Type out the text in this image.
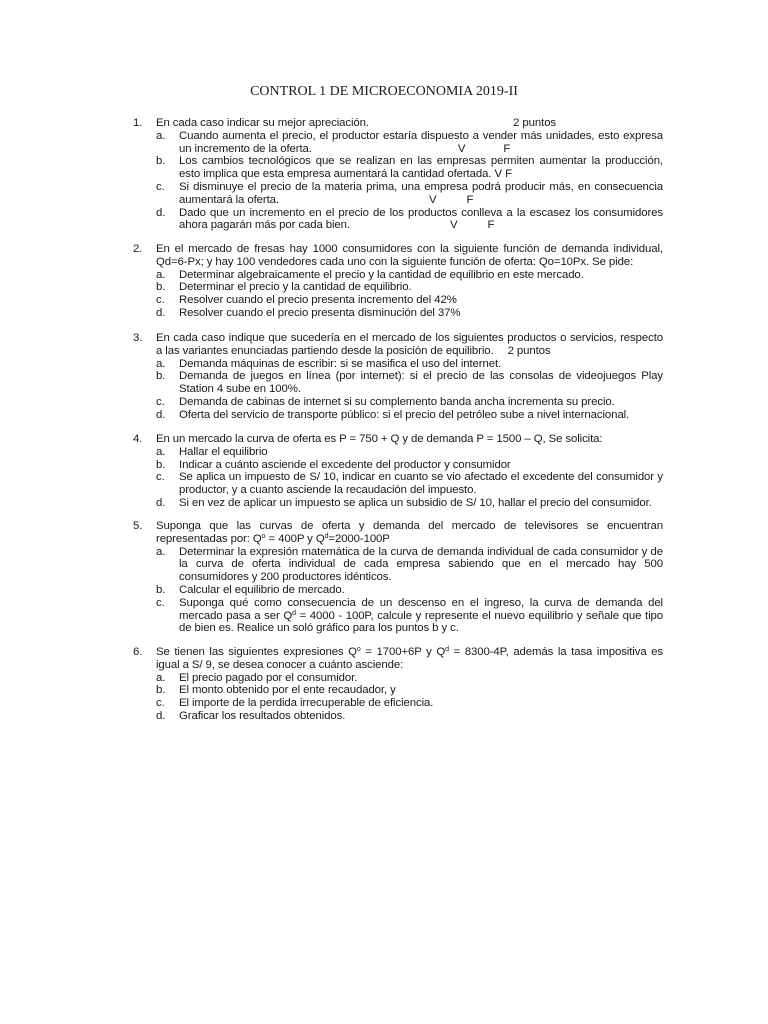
CONTROL 1 DE MICROECONOMIA 2019-II
1.	En cada caso indicar su mejor apreciación.	2 puntos
a.	Cuando aumenta el precio, el productor estaría dispuesto a vender más unidades, esto expresa un incremento de la oferta.	V	F
b.	Los cambios tecnológicos que se realizan en las empresas permiten aumentar la producción, esto implica que esta empresa aumentará la cantidad ofertada. V F
c.	Si disminuye el precio de la materia prima, una empresa podrá producir más, en consecuencia aumentará la oferta.	V	F
d.	Dado que un incremento en el precio de los productos conlleva a la escasez los consumidores ahora pagarán más por cada bien.	V	F
2.	En el mercado de fresas hay 1000 consumidores con la siguiente función de demanda individual, Qd=6-Px; y hay 100 vendedores cada uno con la siguiente función de oferta: Qo=10Px. Se pide:
a.	Determinar algebraicamente el precio y la cantidad de equilibrio en este mercado.
b.	Determinar el precio y la cantidad de equilibrio.
c.	Resolver cuando el precio presenta incremento del 42%
d.	Resolver cuando el precio presenta disminución del 37%
3.	En cada caso indique que sucedería en el mercado de los siguientes productos o servicios, respecto a las variantes enunciadas partiendo desde la posición de equilibrio. 2 puntos
a.	Demanda máquinas de escribir: si se masifica el uso del internet.
b.	Demanda de juegos en línea (por internet): si el precio de las consolas de videojuegos Play Station 4 sube en 100%.
c.	Demanda de cabinas de internet si su complemento banda ancha incrementa su precio.
d.	Oferta del servicio de transporte público: si el precio del petróleo sube a nivel internacional.
4.	En un mercado la curva de oferta es P = 750 + Q y de demanda P = 1500 – Q, Se solicita:
a.	Hallar el equilibrio
b.	Indicar a cuánto asciende el excedente del productor y consumidor
c.	Se aplica un impuesto de S/ 10, indicar en cuanto se vio afectado el excedente del consumidor y productor, y a cuanto asciende la recaudación del impuesto.
d.	Si en vez de aplicar un impuesto se aplica un subsidio de S/ 10, hallar el precio del consumidor.
5.	Suponga que las curvas de oferta y demanda del mercado de televisores se encuentran representadas por: $Q^o = 400P$ y $Q^d=2000-100P$
a.	Determinar la expresión matemática de la curva de demanda individual de cada consumidor y de la curva de oferta individual de cada empresa sabiendo que en el mercado hay 500 consumidores y 200 productores idénticos.
b.	Calcular el equilibrio de mercado.
c.	Suponga qué como consecuencia de un descenso en el ingreso, la curva de demanda del mercado pasa a ser $Q^d = 4000 - 100P$, calcule y represente el nuevo equilibrio y señale que tipo de bien es. Realice un soló gráfico para los puntos b y c.
6.	Se tienen las siguientes expresiones $Q^o = 1700+6P$ y $Q^d = 8300-4P$, además la tasa impositiva es igual a S/ 9, se desea conocer a cuánto asciende:
a.	El precio pagado por el consumidor.
b.	El monto obtenido por el ente recaudador, y
c.	El importe de la perdida irrecuperable de eficiencia.
d.	Graficar los resultados obtenidos.
